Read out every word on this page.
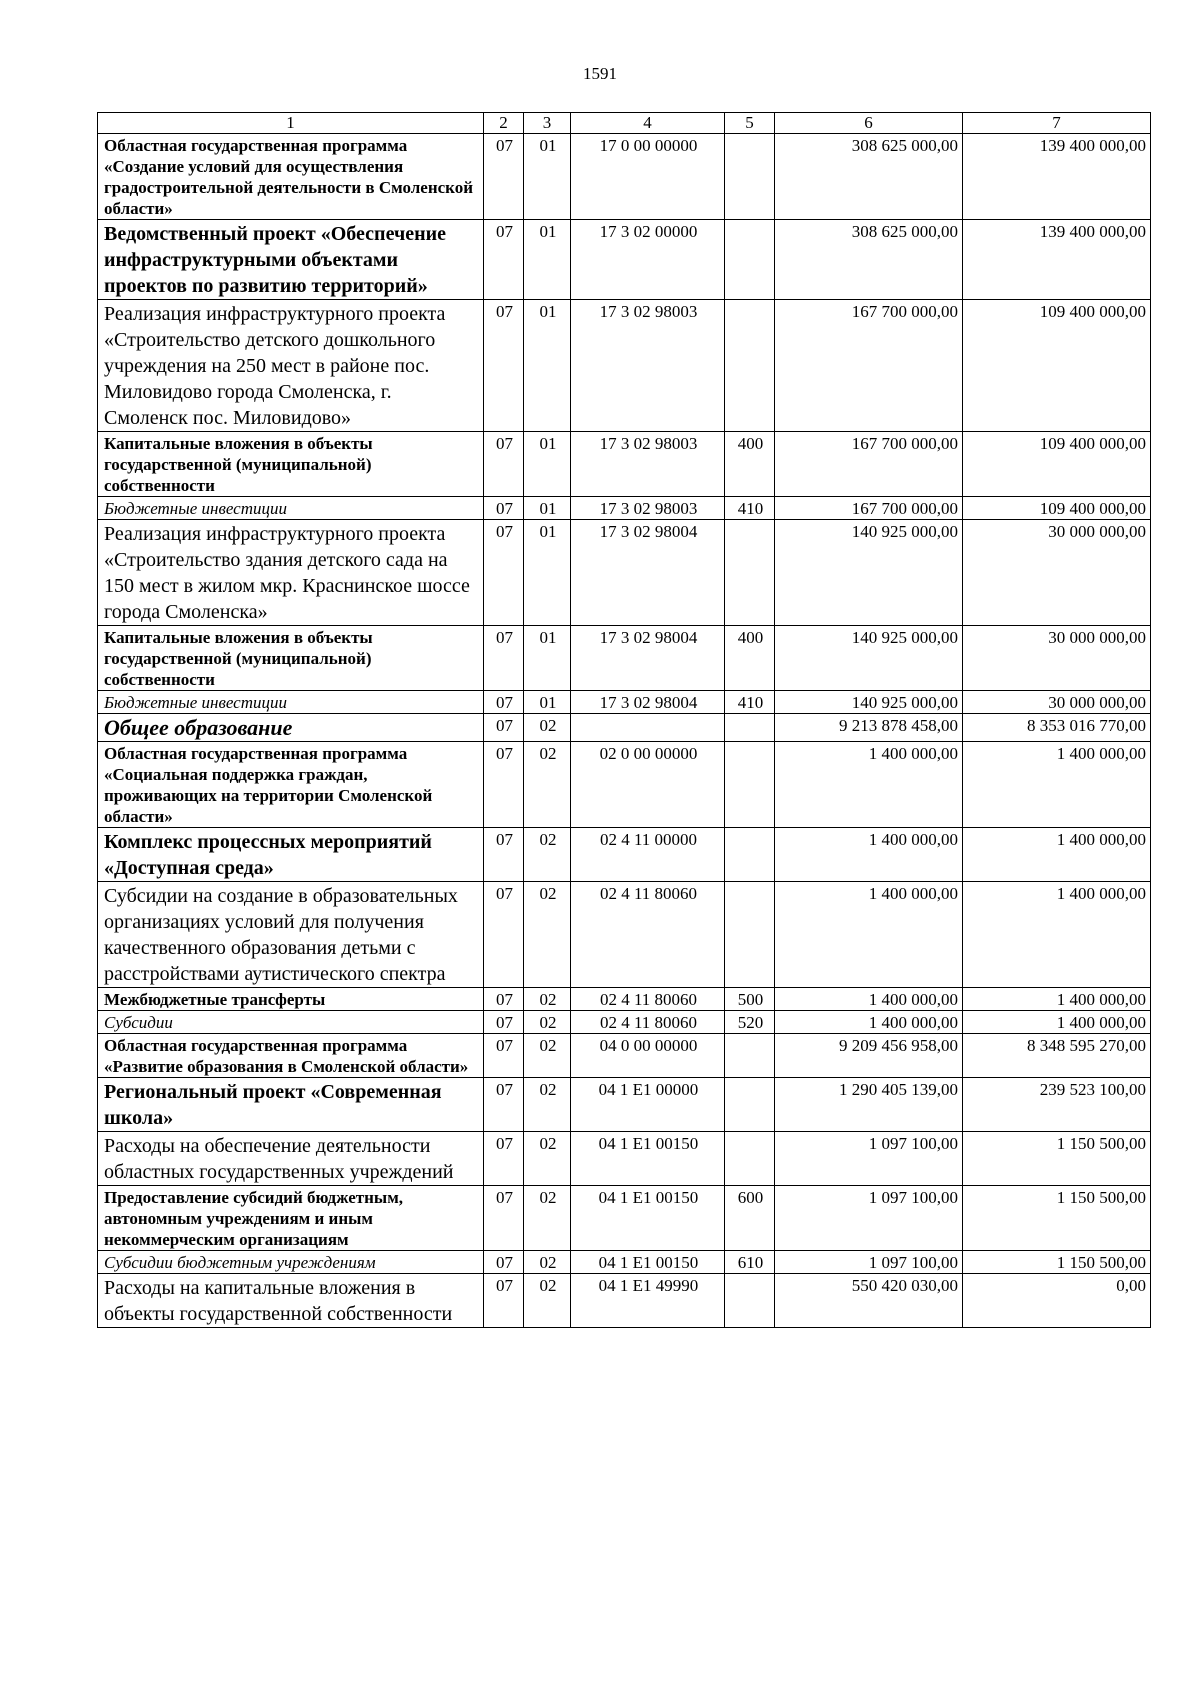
1591
1	2	3	4	5	6	7
Областная государственная программа «Создание условий для осуществления градостроительной деятельности в Смоленской области»	07	01	17 0 00 00000		308 625 000,00	139 400 000,00
Ведомственный проект «Обеспечение инфраструктурными объектами проектов по развитию территорий»	07	01	17 3 02 00000		308 625 000,00	139 400 000,00
Реализация инфраструктурного проекта «Строительство детского дошкольного учреждения на 250 мест в районе пос. Миловидово города Смоленска, г. Смоленск пос. Миловидово»	07	01	17 3 02 98003		167 700 000,00	109 400 000,00
Капитальные вложения в объекты государственной (муниципальной) собственности	07	01	17 3 02 98003	400	167 700 000,00	109 400 000,00
Бюджетные инвестиции	07	01	17 3 02 98003	410	167 700 000,00	109 400 000,00
Реализация инфраструктурного проекта «Строительство здания детского сада на 150 мест в жилом мкр. Краснинское шоссе города Смоленска»	07	01	17 3 02 98004		140 925 000,00	30 000 000,00
Капитальные вложения в объекты государственной (муниципальной) собственности	07	01	17 3 02 98004	400	140 925 000,00	30 000 000,00
Бюджетные инвестиции	07	01	17 3 02 98004	410	140 925 000,00	30 000 000,00
Общее образование	07	02			9 213 878 458,00	8 353 016 770,00
Областная государственная программа «Социальная поддержка граждан, проживающих на территории Смоленской области»	07	02	02 0 00 00000		1 400 000,00	1 400 000,00
Комплекс процессных мероприятий «Доступная среда»	07	02	02 4 11 00000		1 400 000,00	1 400 000,00
Субсидии на создание в образовательных организациях условий для получения качественного образования детьми с расстройствами аутистического спектра	07	02	02 4 11 80060		1 400 000,00	1 400 000,00
Межбюджетные трансферты	07	02	02 4 11 80060	500	1 400 000,00	1 400 000,00
Субсидии	07	02	02 4 11 80060	520	1 400 000,00	1 400 000,00
Областная государственная программа «Развитие образования в Смоленской области»	07	02	04 0 00 00000		9 209 456 958,00	8 348 595 270,00
Региональный проект «Современная школа»	07	02	04 1 E1 00000		1 290 405 139,00	239 523 100,00
Расходы на обеспечение деятельности областных государственных учреждений	07	02	04 1 E1 00150		1 097 100,00	1 150 500,00
Предоставление субсидий бюджетным, автономным учреждениям и иным некоммерческим организациям	07	02	04 1 E1 00150	600	1 097 100,00	1 150 500,00
Субсидии бюджетным учреждениям	07	02	04 1 E1 00150	610	1 097 100,00	1 150 500,00
Расходы на капитальные вложения в объекты государственной собственности	07	02	04 1 E1 49990		550 420 030,00	0,00
